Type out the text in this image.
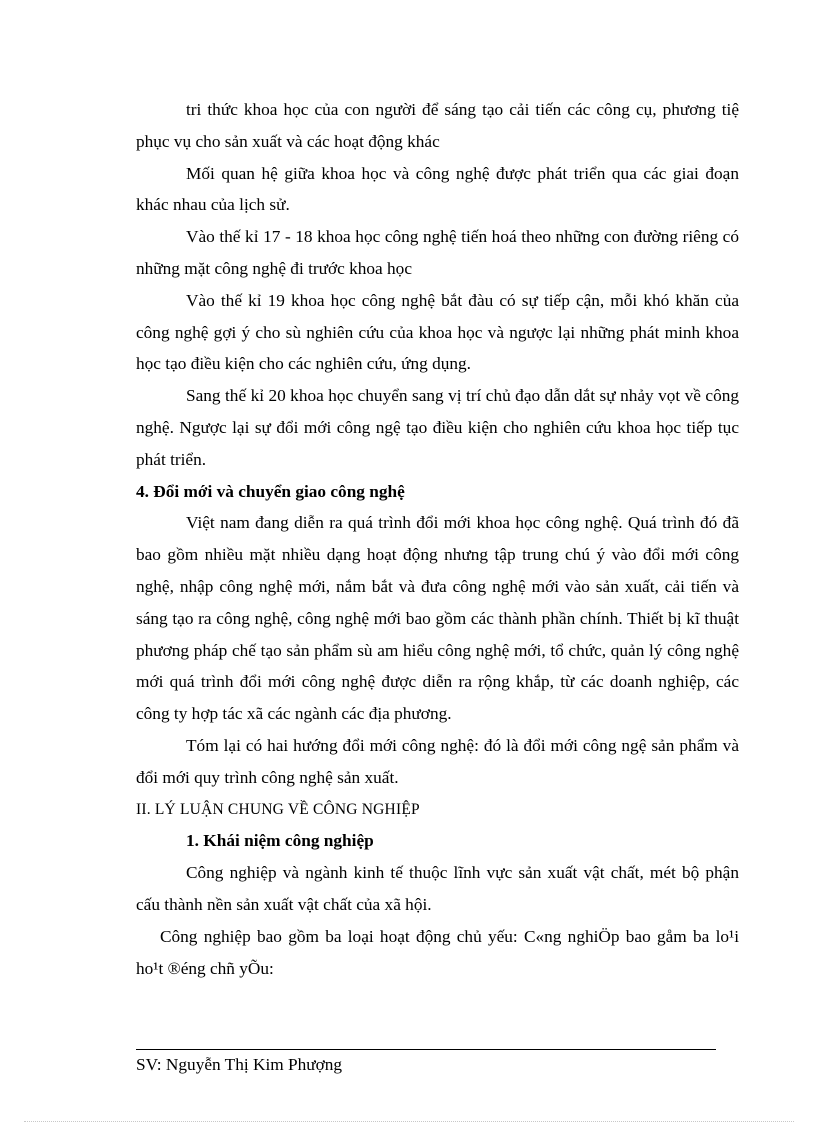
tri thức khoa học của con người để sáng tạo cải tiến các công cụ, phương tiệ phục vụ cho sản xuất và các hoạt động khác

Mối quan hệ giữa khoa học và công nghệ được phát triển qua các giai đoạn khác nhau của lịch sử.

Vào thế kỉ 17 - 18 khoa học công nghệ tiến hoá theo những con đường riêng có những mặt công nghệ đi trước khoa học

Vào thế kỉ 19 khoa học công nghệ bắt đàu có sự tiếp cận, mỗi khó khăn của công nghệ gợi ý cho sù nghiên cứu của khoa học và ngược lại những phát minh khoa học tạo điều kiện cho các nghiên cứu, ứng dụng.

Sang thế kỉ 20 khoa học chuyển sang vị trí chủ đạo dẫn dắt sự nhảy vọt về công nghệ. Ngược lại sự đổi mới công ngệ tạo điều kiện cho nghiên cứu khoa học tiếp tục phát triển.

4. Đổi mới và chuyển giao công nghệ

Việt nam đang diễn ra quá trình đổi mới khoa học công nghệ. Quá trình đó đã bao gồm nhiều mặt nhiều dạng hoạt động nhưng tập trung chú ý vào đổi mới công nghệ, nhập công nghệ mới, nắm bắt và đưa công nghệ mới vào sản xuất, cải tiến và sáng tạo ra công nghệ, công nghệ mới bao gồm các thành phần chính. Thiết bị kĩ thuật phương pháp chế tạo sản phẩm sù am hiểu công nghệ mới, tổ chức, quản lý công nghệ mới quá trình đổi mới công nghệ được diễn ra rộng khắp, từ các doanh nghiệp, các công ty hợp tác xã các ngành các địa phương.

Tóm lại có hai hướng đổi mới công nghệ: đó là đổi mới công ngệ sản phẩm và đổi mới quy trình công nghệ sản xuất.

II. LÝ LUẬN CHUNG VỀ CÔNG NGHIỆP

1. Khái niệm công nghiệp

Công nghiệp và ngành kinh tế thuộc lĩnh vực sản xuất vật chất, mét bộ phận cấu thành nền sản xuất vật chất của xã hội.

Công nghiệp bao gồm ba loại hoạt động chủ yếu: C«ng nghiÖp bao gåm ba lo¹i ho¹t ®éng chñ yÕu:

SV: Nguyễn Thị Kim Phượng
